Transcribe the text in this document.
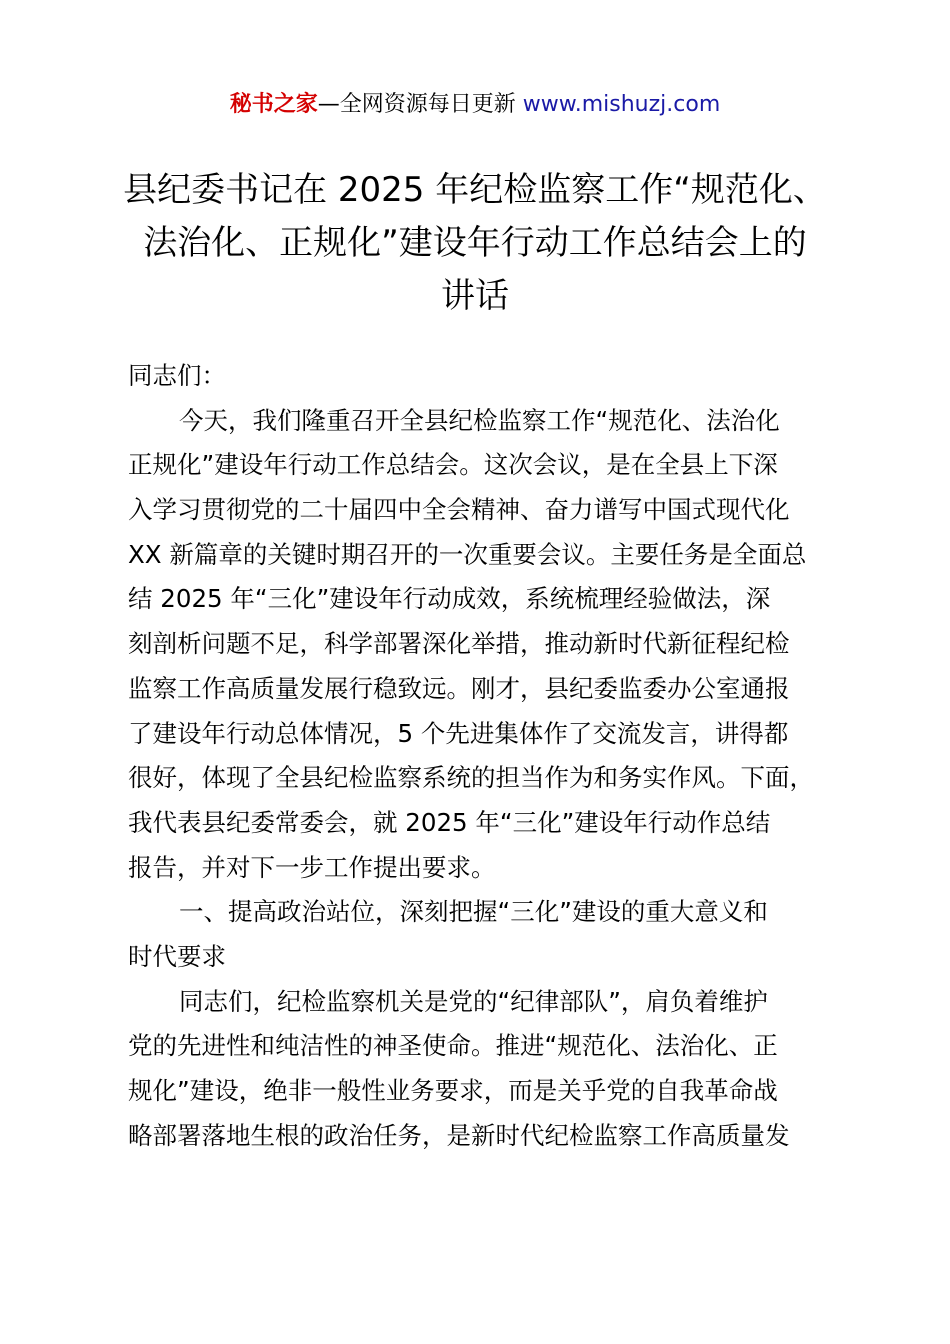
秘书之家—全网资源每日更新 www.mishuzj.com
县纪委书记在 2025 年纪检监察工作“规范化、
法治化、正规化”建设年行动工作总结会上的
讲话
同志们：
今天，我们隆重召开全县纪检监察工作“规范化、法治化
正规化”建设年行动工作总结会。这次会议，是在全县上下深
入学习贯彻党的二十届四中全会精神、奋力谱写中国式现代化
XX 新篇章的关键时期召开的一次重要会议。主要任务是全面总
结 2025 年“三化”建设年行动成效，系统梳理经验做法，深
刻剖析问题不足，科学部署深化举措，推动新时代新征程纪检
监察工作高质量发展行稳致远。刚才，县纪委监委办公室通报
了建设年行动总体情况，5 个先进集体作了交流发言，讲得都
很好，体现了全县纪检监察系统的担当作为和务实作风。下面，
我代表县纪委常委会，就 2025 年“三化”建设年行动作总结
报告，并对下一步工作提出要求。
一、提高政治站位，深刻把握“三化”建设的重大意义和
时代要求
同志们，纪检监察机关是党的“纪律部队”，肩负着维护
党的先进性和纯洁性的神圣使命。推进“规范化、法治化、正
规化”建设，绝非一般性业务要求，而是关乎党的自我革命战
略部署落地生根的政治任务，是新时代纪检监察工作高质量发
